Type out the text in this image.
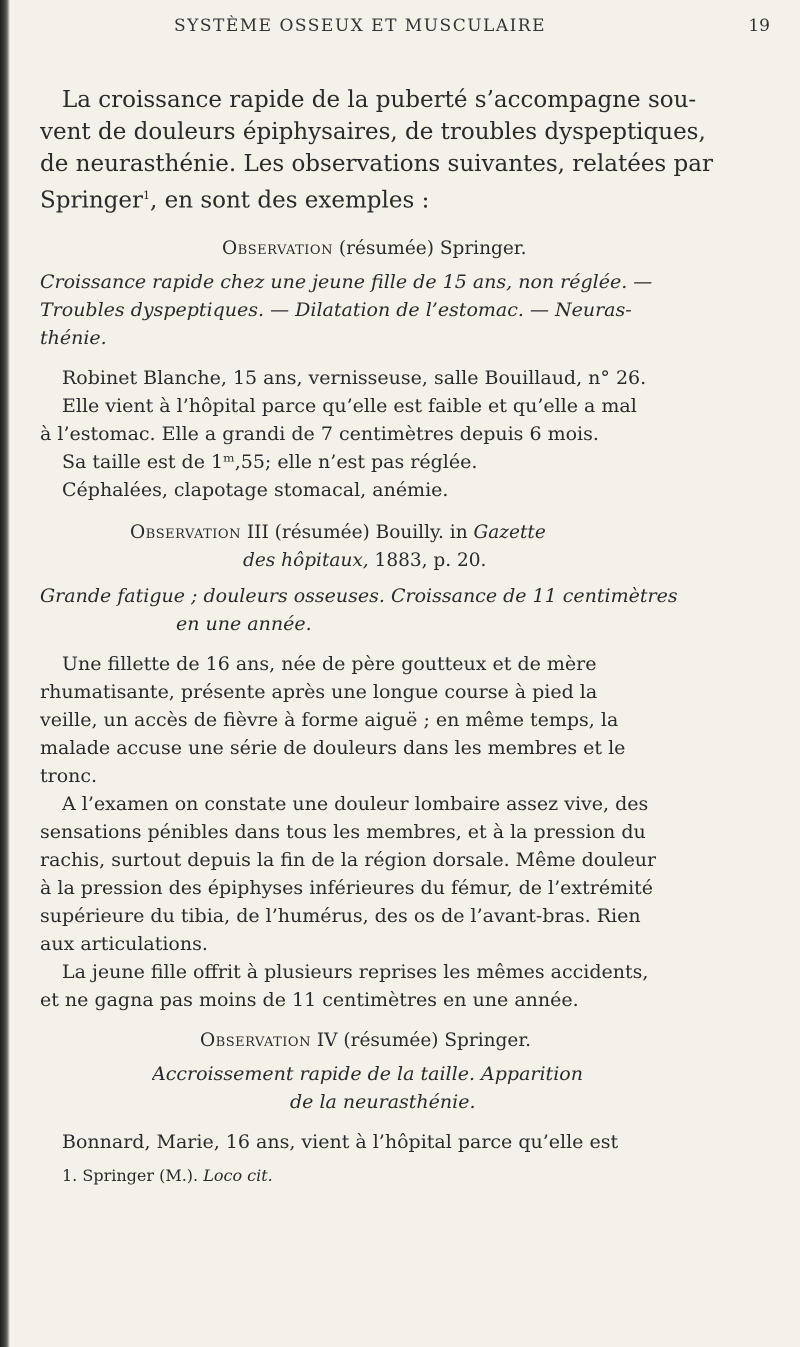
SYSTÈME OSSEUX ET MUSCULAIRE	19

La croissance rapide de la puberté s’accompagne sou-

vent de douleurs épiphysaires, de troubles dyspeptiques,

de neurasthénie. Les observations suivantes, relatées par

Springer$^1$, en sont des exemples :

Observation (résumée) Springer.

Croissance rapide chez une jeune fille de 15 ans, non réglée. —

Troubles dyspeptiques. — Dilatation de l’estomac. — Neuras-

thénie.

Robinet Blanche, 15 ans, vernisseuse, salle Bouillaud, n° 26.

Elle vient à l’hôpital parce qu’elle est faible et qu’elle a mal

à l’estomac. Elle a grandi de 7 centimètres depuis 6 mois.

Sa taille est de 1ᵐ,55; elle n’est pas réglée.

Céphalées, clapotage stomacal, anémie.

Observation III (résumée) Bouilly. in Gazette

des hôpitaux, 1883, p. 20.

Grande fatigue ; douleurs osseuses. Croissance de 11 centimètres

en une année.

Une fillette de 16 ans, née de père goutteux et de mère

rhumatisante, présente après une longue course à pied la

veille, un accès de fièvre à forme aiguë ; en même temps, la

malade accuse une série de douleurs dans les membres et le

tronc.

A l’examen on constate une douleur lombaire assez vive, des

sensations pénibles dans tous les membres, et à la pression du

rachis, surtout depuis la fin de la région dorsale. Même douleur

à la pression des épiphyses inférieures du fémur, de l’extrémité

supérieure du tibia, de l’humérus, des os de l’avant-bras. Rien

aux articulations.

La jeune fille offrit à plusieurs reprises les mêmes accidents,

et ne gagna pas moins de 11 centimètres en une année.

Observation IV (résumée) Springer.

Accroissement rapide de la taille. Apparition

de la neurasthénie.

Bonnard, Marie, 16 ans, vient à l’hôpital parce qu’elle est

1. Springer (M.). Loco cit.
